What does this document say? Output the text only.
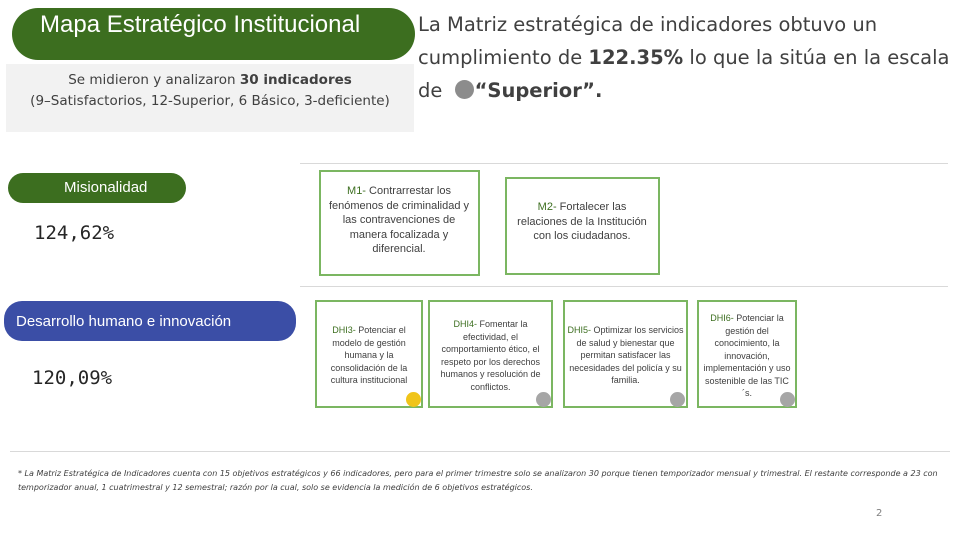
Mapa Estratégico Institucional
Se midieron y analizaron 30 indicadores
(9–Satisfactorios, 12-Superior, 6 Básico, 3-deficiente)
La Matriz estratégica de indicadores obtuvo un cumplimiento de 122.35% lo que la sitúa en la escala de “Superior”.
Misionalidad
124,62%
Desarrollo humano e innovación
120,09%
M1- Contrarrestar los fenómenos de criminalidad y las contravenciones de manera focalizada y diferencial.
M2- Fortalecer las relaciones de la Institución con los ciudadanos.
DHI3- Potenciar el modelo de gestión humana y la consolidación de la cultura institucional
DHI4- Fomentar la efectividad, el comportamiento ético, el respeto por los derechos humanos y resolución de conflictos.
DHI5- Optimizar los servicios de salud y bienestar que permitan satisfacer las necesidades del policía y su familia.
DHI6- Potenciar la gestión del conocimiento, la innovación, implementación y uso sostenible de las TIC´s.
* La Matriz Estratégica de Indicadores cuenta con 15 objetivos estratégicos y 66 indicadores, pero para el primer trimestre solo se analizaron 30 porque tienen temporizador mensual y trimestral. El restante corresponde a 23 con temporizador anual, 1 cuatrimestral y 12 semestral; razón por la cual, solo se evidencia la medición de 6 objetivos estratégicos.
2
